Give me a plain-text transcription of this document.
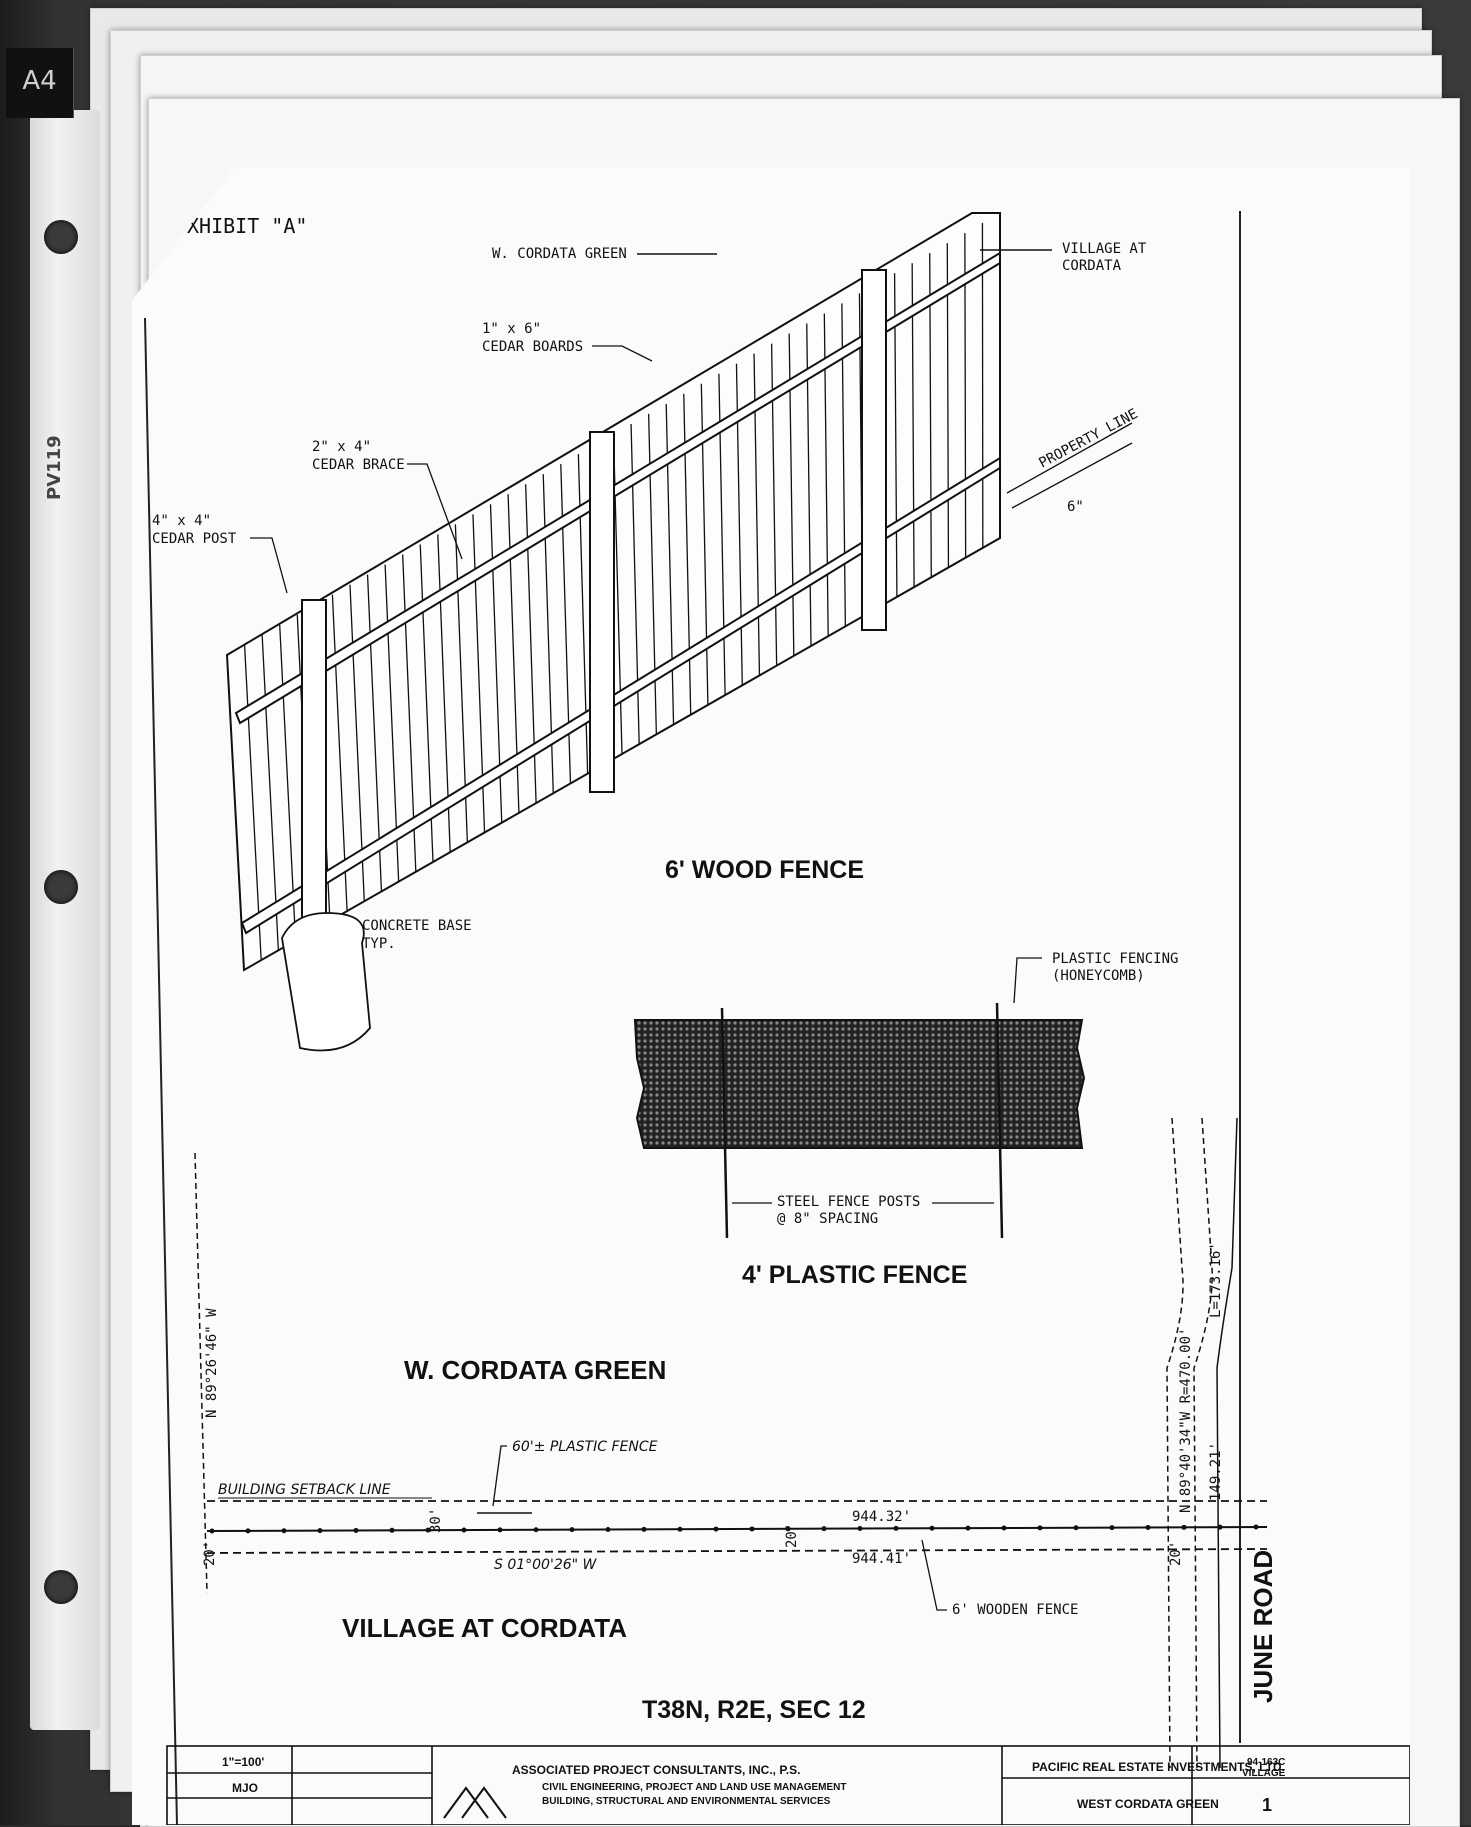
PV119
A4
XHIBIT "A"
W. CORDATA GREEN	VILLAGE AT
CORDATA
1" x 6"
CEDAR BOARDS
2" x 4"
CEDAR BRACE
4" x 4"
CEDAR POST
PROPERTY LINE
6"
CONCRETE BASE
TYP.
6' WOOD FENCE
PLASTIC FENCING
(HONEYCOMB)
STEEL FENCE POSTS
@ 8" SPACING
4' PLASTIC FENCE
N 89°26'46" W	W. CORDATA GREEN
60'± PLASTIC FENCE
BUILDING SETBACK LINE
30'
20'
20'
944.32'
944.41'
S 01°00'26" W
6' WOODEN FENCE
VILLAGE AT CORDATA
N 89°40'34"W R=470.00'
L=173.16'
20'
149.21'
JUNE ROAD
T38N, R2E, SEC 12
1"=100'
MJO
ASSOCIATED PROJECT CONSULTANTS, INC., P.S.
CIVIL ENGINEERING, PROJECT AND LAND USE MANAGEMENT
BUILDING, STRUCTURAL AND ENVIRONMENTAL SERVICES
PACIFIC REAL ESTATE INVESTMENTS, LTD.
WEST CORDATA GREEN
94-163C
VILLAGE
1
